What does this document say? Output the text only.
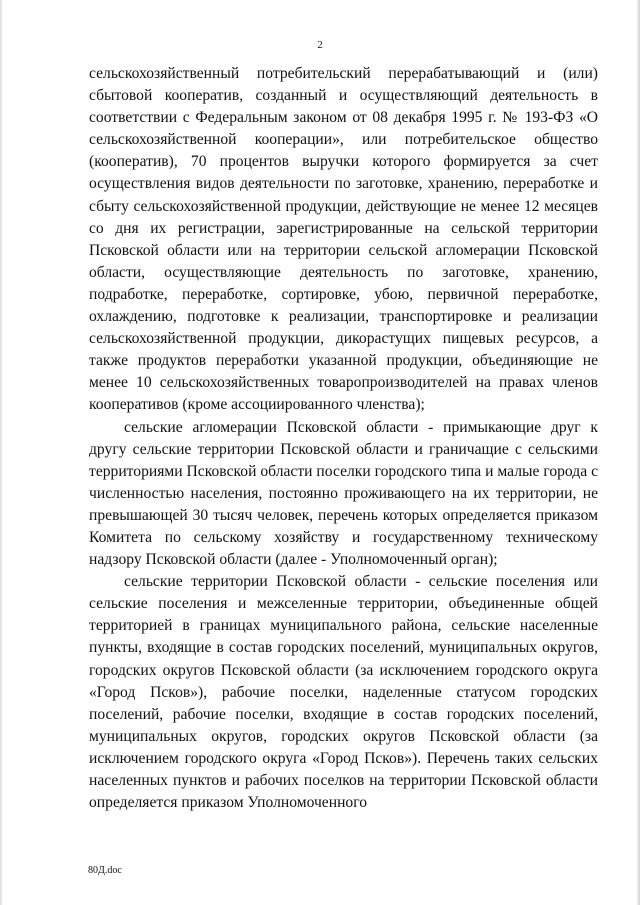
2

сельскохозяйственный потребительский перерабатывающий и (или) сбытовой кооператив, созданный и осуществляющий деятельность в соответствии с Федеральным законом от 08 декабря 1995 г. № 193-ФЗ «О сельскохозяйственной кооперации», или потребительское общество (кооператив), 70 процентов выручки которого формируется за счет осуществления видов деятельности по заготовке, хранению, переработке и сбыту сельскохозяйственной продукции, действующие не менее 12 месяцев со дня их регистрации, зарегистрированные на сельской территории Псковской области или на территории сельской агломерации Псковской области, осуществляющие деятельность по заготовке, хранению, подработке, переработке, сортировке, убою, первичной переработке, охлаждению, подготовке к реализации, транспортировке и реализации сельскохозяйственной продукции, дикорастущих пищевых ресурсов, а также продуктов переработки указанной продукции, объединяющие не менее 10 сельскохозяйственных товаропроизводителей на правах членов кооперативов (кроме ассоциированного членства);

сельские агломерации Псковской области - примыкающие друг к другу сельские территории Псковской области и граничащие с сельскими территориями Псковской области поселки городского типа и малые города с численностью населения, постоянно проживающего на их территории, не превышающей 30 тысяч человек, перечень которых определяется приказом Комитета по сельскому хозяйству и государственному техническому надзору Псковской области (далее - Уполномоченный орган);

сельские территории Псковской области - сельские поселения или сельские поселения и межселенные территории, объединенные общей территорией в границах муниципального района, сельские населенные пункты, входящие в состав городских поселений, муниципальных округов, городских округов Псковской области (за исключением городского округа «Город Псков»), рабочие поселки, наделенные статусом городских поселений, рабочие поселки, входящие в состав городских поселений, муниципальных округов, городских округов Псковской области (за исключением городского округа «Город Псков»). Перечень таких сельских населенных пунктов и рабочих поселков на территории Псковской области определяется приказом Уполномоченного

80Д.doc
